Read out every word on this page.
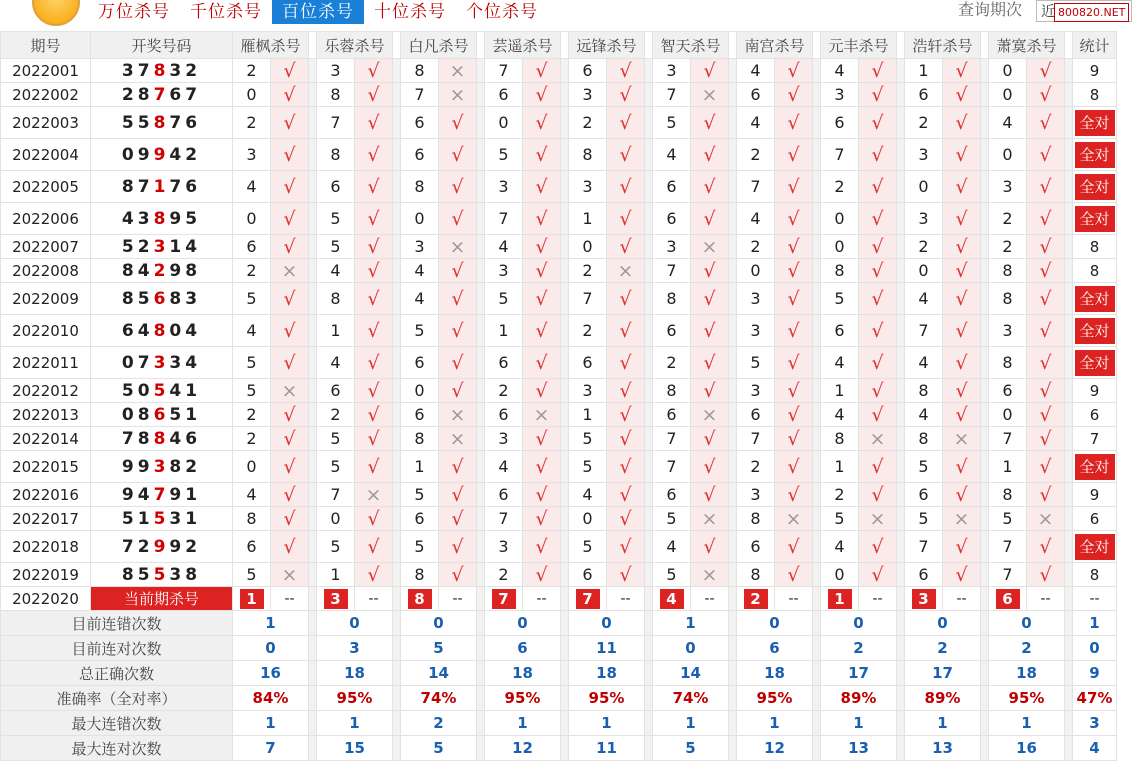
万位杀号	千位杀号	百位杀号	十位杀号	个位杀号	查询期次
近	800820.NET
期号	开奖号码	雁枫杀号			乐蓉杀号			白凡杀号			芸遥杀号			远锋杀号			智天杀号			南宫杀号			元丰杀号			浩轩杀号			萧寞杀号			统计
2022001	37832	2	√		3	√		8	×		7	√		6	√		3	√		4	√		4	√		1	√		0	√		9
2022002	28767	0	√		8	√		7	×		6	√		3	√		7	×		6	√		3	√		6	√		0	√		8
2022003	55876	2	√		7	√		6	√		0	√		2	√		5	√		4	√		6	√		2	√		4	√		全对

2022004	09942	3	√		8	√		6	√		5	√		8	√		4	√		2	√		7	√		3	√		0	√		全对

2022005	87176	4	√		6	√		8	√		3	√		3	√		6	√		7	√		2	√		0	√		3	√		全对

2022006	43895	0	√		5	√		0	√		7	√		1	√		6	√		4	√		0	√		3	√		2	√		全对

2022007	52314	6	√		5	√		3	×		4	√		0	√		3	×		2	√		0	√		2	√		2	√		8
2022008	84298	2	×		4	√		4	√		3	√		2	×		7	√		0	√		8	√		0	√		8	√		8
2022009	85683	5	√		8	√		4	√		5	√		7	√		8	√		3	√		5	√		4	√		8	√		全对

2022010	64804	4	√		1	√		5	√		1	√		2	√		6	√		3	√		6	√		7	√		3	√		全对

2022011	07334	5	√		4	√		6	√		6	√		6	√		2	√		5	√		4	√		4	√		8	√		全对

2022012	50541	5	×		6	√		0	√		2	√		3	√		8	√		3	√		1	√		8	√		6	√		9
2022013	08651	2	√		2	√		6	×		6	×		1	√		6	×		6	√		4	√		4	√		0	√		6
2022014	78846	2	√		5	√		8	×		3	√		5	√		7	√		7	√		8	×		8	×		7	√		7
2022015	99382	0	√		5	√		1	√		4	√		5	√		7	√		2	√		1	√		5	√		1	√		全对

2022016	94791	4	√		7	×		5	√		6	√		4	√		6	√		3	√		2	√		6	√		8	√		9
2022017	51531	8	√		0	√		6	√		7	√		0	√		5	×		8	×		5	×		5	×		5	×		6
2022018	72992	6	√		5	√		5	√		3	√		5	√		4	√		6	√		4	√		7	√		7	√		全对

2022019	85538	5	×		1	√		8	√		2	√		6	√		5	×		8	√		0	√		6	√		7	√		8
2022020	当前期杀号	1	--		3	--		8	--		7	--		7	--		4	--		2	--		1	--		3	--		6	--		--
目前连错次数		1			0			0			0			0			1			0			0			0			0			1
目前连对次数		0			3			5			6			11			0			6			2			2			2			0
总正确次数		16			18			14			18			18			14			18			17			17			18			9
准确率（全对率）		84%			95%			74%			95%			95%			74%			95%			89%			89%			95%			47%
最大连错次数		1			1			2			1			1			1			1			1			1			1			3
最大连对次数		7			15			5			12			11			5			12			13			13			16			4
